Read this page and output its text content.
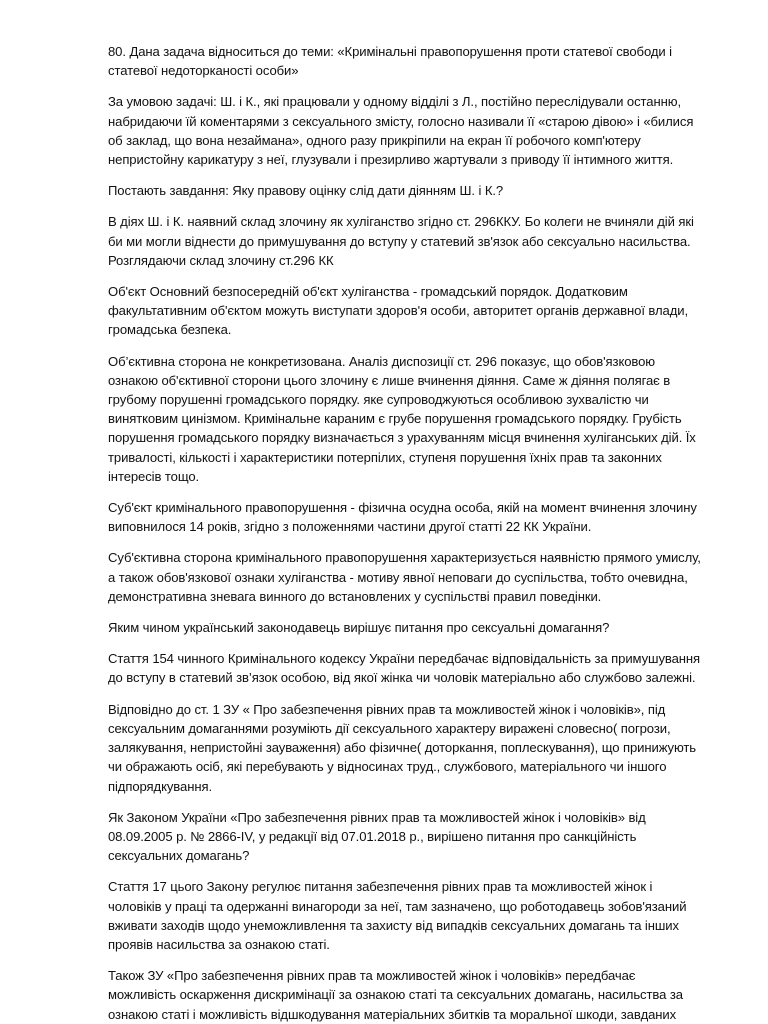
80. Дана задача відноситься до теми: «Кримінальні правопорушення проти статевої свободи і
статевої недоторканості особи»

За умовою задачі: Ш. і К., які працювали у одному відділі з Л., постійно переслідували останню,
набридаючи їй коментарями з сексуального змісту, голосно називали її «старою дівою» і «билися
об заклад, що вона незаймана», одного разу прикріпили на екран її робочого комп'ютеру
непристойну карикатуру з неї, глузували і презирливо жартували з приводу її інтимного життя.

Постають завдання: Яку правову оцінку слід дати діянням Ш. і К.?

В діях Ш. і К. наявний склад злочину як хуліганство згідно ст. 296ККУ. Бо колеги не вчиняли дій які
би ми могли віднести до примушування до вступу у статевий зв'язок або сексуально насильства.
Розглядаючи склад злочину ст.296 КК

Об'єкт Основний безпосередній об'єкт хуліганства - громадський порядок. Додатковим
факультативним об'єктом можуть виступати здоров'я особи, авторитет органів державної влади,
громадська безпека.

Об’єктивна сторона не конкретизована. Аналіз диспозиції ст. 296 показує, що обов'язковою
ознакою об'єктивної сторони цього злочину є лише вчинення діяння. Саме ж діяння полягає в
грубому порушенні громадського порядку. яке супроводжуються особливою зухвалістю чи
винятковим цинізмом. Кримінальне караним є грубе порушення громадського порядку. Грубість
порушення громадського порядку визначається з урахуванням місця вчинення хуліганських дій. Їх
тривалості, кількості і характеристики потерпілих, ступеня порушення їхніх прав та законних
інтересів тощо.

Суб'єкт кримінального правопорушення - фізична осудна особа, якій на момент вчинення злочину
виповнилося 14 років, згідно з положеннями частини другої статті 22 КК України.

Суб'єктивна сторона кримінального правопорушення характеризується наявністю прямого умислу,
а також обов'язкової ознаки хуліганства - мотиву явної неповаги до суспільства, тобто очевидна,
демонстративна зневага винного до встановлених у суспільстві правил поведінки.

Яким чином український законодавець вирішує питання про сексуальні домагання?

Стаття 154 чинного Кримінального кодексу України передбачає відповідальність за примушування
до вступу в статевий зв’язок особою, від якої жінка чи чоловік матеріально або службово залежні.

Відповідно до ст. 1 ЗУ « Про забезпечення рівних прав та можливостей жінок і чоловіків», під
сексуальним домаганнями розуміють дії сексуального характеру виражені словесно( погрози,
залякування, непристойні зауваження) або фізичне( доторкання, поплескування), що принижують
чи ображають осіб, які перебувають у відносинах труд., службового, матеріального чи іншого
підпорядкування.

Як Законом України «Про забезпечення рівних прав та можливостей жінок і чоловіків» від
08.09.2005 р. № 2866-IV, у редакції від 07.01.2018 р., вирішено питання про санкційність
сексуальних домагань?

Стаття 17 цього Закону регулює питання забезпечення рівних прав та можливостей жінок і
чоловіків у праці та одержанні винагороди за неї, там зазначено, що роботодавець зобов'язаний
вживати заходів щодо унеможливлення та захисту від випадків сексуальних домагань та інших
проявів насильства за ознакою статі.

Також ЗУ «Про забезпечення рівних прав та можливостей жінок і чоловіків» передбачає
можливість оскарження дискримінації за ознакою статі та сексуальних домагань, насильства за
ознакою статі і можливість відшкодування матеріальних збитків та моральної шкоди, завданих
